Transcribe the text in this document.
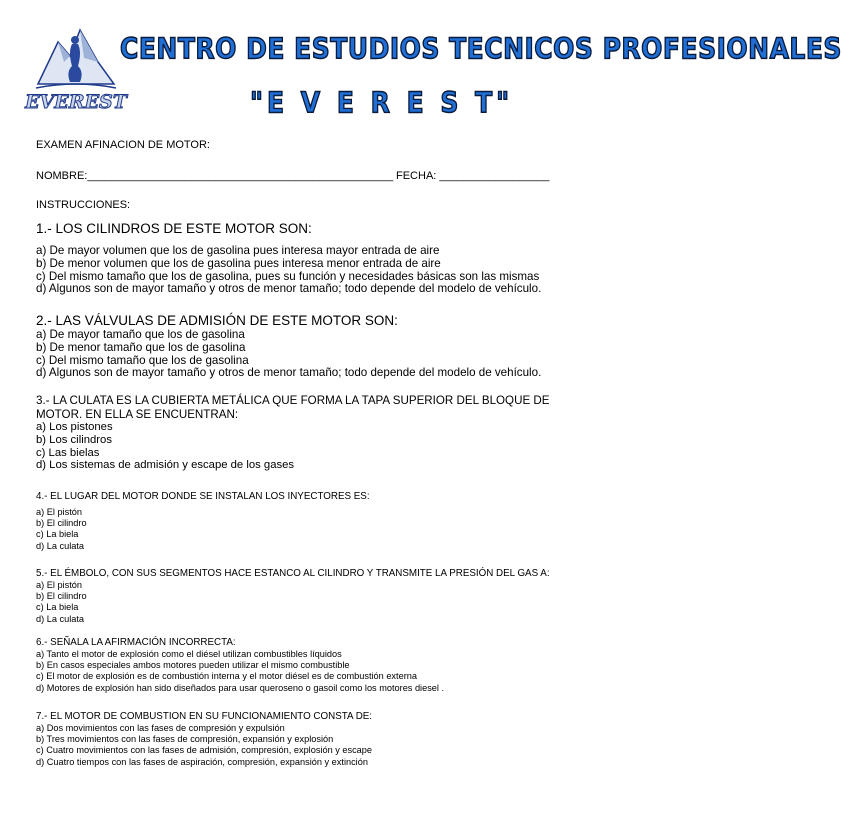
EVEREST
CENTRO DE ESTUDIOS TECNICOS PROFESIONALES
"E V E R E S T"
EXAMEN AFINACION DE MOTOR:
NOMBRE:__________________________________________________ FECHA: __________________
INSTRUCCIONES:
1.- LOS CILINDROS DE ESTE MOTOR SON:
a) De mayor volumen que los de gasolina pues interesa mayor entrada de aire
b) De menor volumen que los de gasolina pues interesa menor entrada de aire
c) Del mismo tamaño que los de gasolina, pues su función y necesidades básicas son las mismas
d) Algunos son de mayor tamaño y otros de menor tamaño; todo depende del modelo de vehículo.
2.- LAS VÁLVULAS DE ADMISIÓN DE ESTE MOTOR SON:
a) De mayor tamaño que los de gasolina
b) De menor tamaño que los de gasolina
c) Del mismo tamaño que los de gasolina
d) Algunos son de mayor tamaño y otros de menor tamaño; todo depende del modelo de vehículo.
3.- LA CULATA ES LA CUBIERTA METÁLICA QUE FORMA LA TAPA SUPERIOR DEL BLOQUE DE
MOTOR. EN ELLA SE ENCUENTRAN:
a) Los pistones
b) Los cilindros
c) Las bielas
d) Los sistemas de admisión y escape de los gases
4.- EL LUGAR DEL MOTOR DONDE SE INSTALAN LOS INYECTORES ES:
a) El pistón
b) El cilindro
c) La biela
d) La culata
5.- EL ÉMBOLO, CON SUS SEGMENTOS HACE ESTANCO AL CILINDRO Y TRANSMITE LA PRESIÓN DEL GAS A:
a) El pistón
b) El cilindro
c) La biela
d) La culata
6.- SEÑALA LA AFIRMACIÓN INCORRECTA:
a) Tanto el motor de explosión como el diésel utilizan combustibles líquidos
b) En casos especiales ambos motores pueden utilizar el mismo combustible
c) El motor de explosión es de combustión interna y el motor diésel es de combustión externa
d) Motores de explosión han sido diseñados para usar queroseno o gasoil como los motores diesel .
7.- EL MOTOR DE COMBUSTION EN SU FUNCIONAMIENTO CONSTA DE:
a) Dos movimientos con las fases de compresión y expulsión
b) Tres movimientos con las fases de compresión, expansión y explosión
c) Cuatro movimientos con las fases de admisión, compresión, explosión y escape
d) Cuatro tiempos con las fases de aspiración, compresión, expansión y extinción
